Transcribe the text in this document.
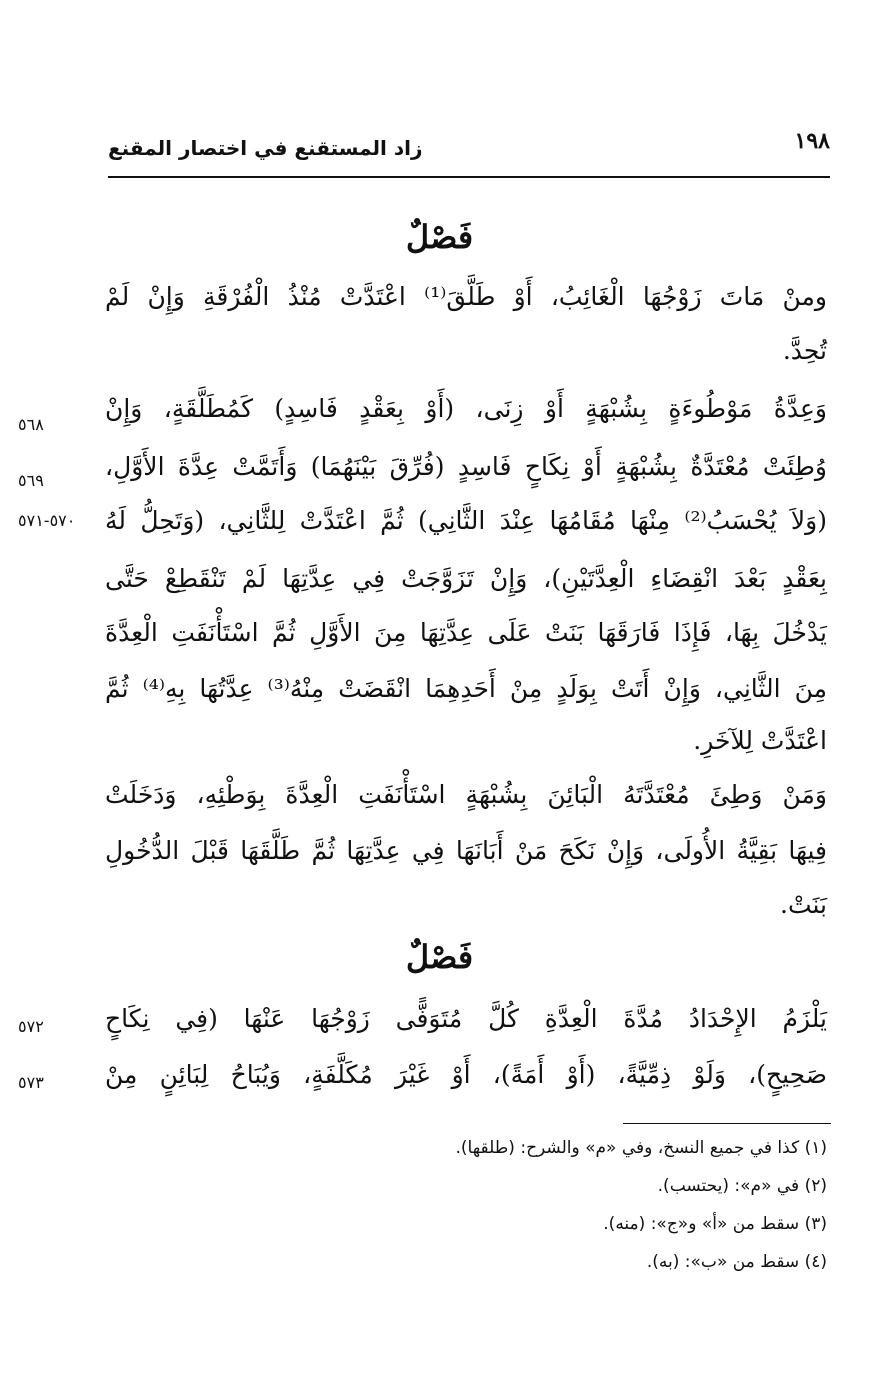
١٩٨
زاد المستقنع في اختصار المقنع
فَصْلٌ
ومنْ مَاتَ زَوْجُهَا الْغَائِبُ، أَوْ طَلَّقَ⁽¹⁾ اعْتَدَّتْ مُنْذُ الْفُرْقَةِ وَإِنْ لَمْ
تُحِدَّ.
وَعِدَّةُ مَوْطُوءَةٍ بِشُبْهَةٍ أَوْ زِنَى، (أَوْ بِعَقْدٍ فَاسِدٍ) كَمُطَلَّقَةٍ، وَإِنْ
وُطِئَتْ مُعْتَدَّةٌ بِشُبْهَةٍ أَوْ نِكَاحٍ فَاسِدٍ (فُرِّقَ بَيْنَهُمَا) وَأَتَمَّتْ عِدَّةَ الأَوَّلِ،
(وَلاَ يُحْسَبُ⁽²⁾ مِنْهَا مُقَامُهَا عِنْدَ الثَّانِي) ثُمَّ اعْتَدَّتْ لِلثَّانِي، (وَتَحِلُّ لَهُ
بِعَقْدٍ بَعْدَ انْقِضَاءِ الْعِدَّتَيْنِ)، وَإِنْ تَزَوَّجَتْ فِي عِدَّتِهَا لَمْ تَنْقَطِعْ حَتَّى
يَدْخُلَ بِهَا، فَإِذَا فَارَقَهَا بَنَتْ عَلَى عِدَّتِهَا مِنَ الأَوَّلِ ثُمَّ اسْتَأْنَفَتِ الْعِدَّةَ
مِنَ الثَّانِي، وَإِنْ أَتَتْ بِوَلَدٍ مِنْ أَحَدِهِمَا انْقَضَتْ مِنْهُ⁽³⁾ عِدَّتُهَا بِهِ⁽⁴⁾ ثُمَّ
اعْتَدَّتْ لِلآخَرِ.
وَمَنْ وَطِئَ مُعْتَدَّتَهُ الْبَائِنَ بِشُبْهَةٍ اسْتَأْنَفَتِ الْعِدَّةَ بِوَطْئِهِ، وَدَخَلَتْ
فِيهَا بَقِيَّةُ الأُولَى، وَإِنْ نَكَحَ مَنْ أَبَانَهَا فِي عِدَّتِهَا ثُمَّ طَلَّقَهَا قَبْلَ الدُّخُولِ
بَنَتْ.
فَصْلٌ
يَلْزَمُ الإِحْدَادُ مُدَّةَ الْعِدَّةِ كُلَّ مُتَوَفًّى زَوْجُهَا عَنْهَا (فِي نِكَاحٍ
صَحِيحٍ)، وَلَوْ ذِمِّيَّةً، (أَوْ أَمَةً)، أَوْ غَيْرَ مُكَلَّفَةٍ، وَيُبَاحُ لِبَائِنٍ مِنْ
٥٦٨
٥٦٩
٥٧٠-٥٧١
٥٧٢
٥٧٣
(١) كذا في جميع النسخ، وفي «م» والشرح: (طلقها).
(٢) في «م»: (يحتسب).
(٣) سقط من «أ» و«ج»: (منه).
(٤) سقط من «ب»: (به).
